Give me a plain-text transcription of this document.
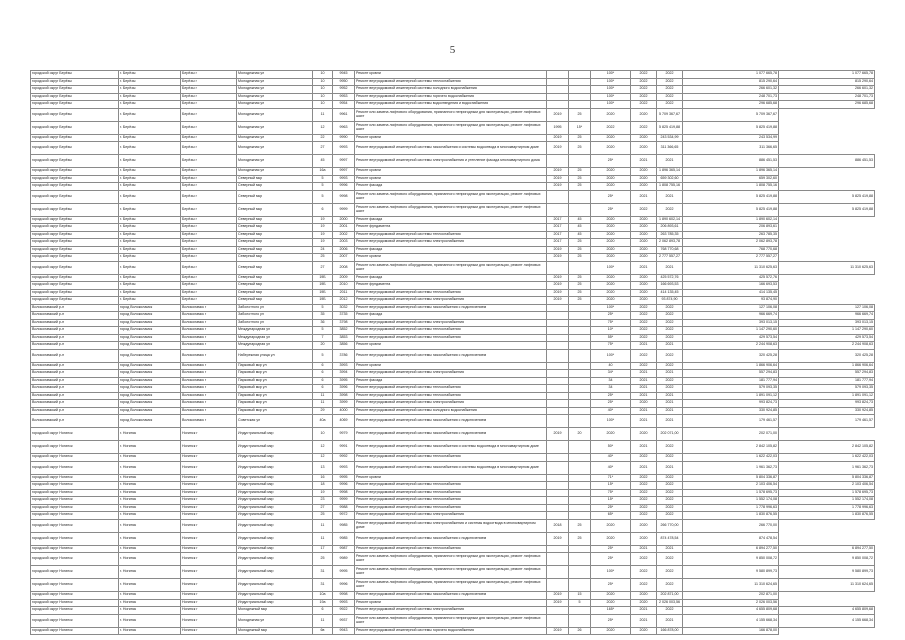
5
городской округ Берёзы	г. Берёзы	Берёзы г	Молодежная ул	10	9945	Ремонт кровли			100*	2022	2022	1 077 665,78	1 077 665,78
городской округ Берёзы	г. Берёзы	Берёзы г	Молодежная ул	10	9950	Ремонт внутридомовой инженерной системы теплоснабжения			100*	2022	2022	815 290,64	815 290,64
городской округ Берёзы	г. Берёзы	Берёзы г	Молодежная ул	10	9952	Ремонт внутридомовой инженерной системы холодного водоснабжения			100*	2022	2022	266 601,32	266 601,32
городской округ Берёзы	г. Берёзы	Берёзы г	Молодежная ул	10	9953	Ремонт внутридомовой инженерной системы горячего водоснабжения			100*	2022	2022	248 701,73	248 701,73
городской округ Берёзы	г. Берёзы	Берёзы г	Молодежная ул	10	9954	Ремонт внутридомовой инженерной системы водоотведения и водоснабжения			100*	2022	2022	296 685,68	296 685,68
городской округ Берёзы	г. Берёзы	Берёзы г	Молодежная ул	11	9961	Ремонт или замена лифтового оборудования, признанного непригодным для эксплуатации, ремонт лифтовых шахт	2019	25	2020	2020	5 709 367,67	5 709 367,67	
городской округ Берёзы	г. Берёзы	Берёзы г	Молодежная ул	12	9963	Ремонт или замена лифтового оборудования, признанного непригодным для эксплуатации, ремонт лифтовых шахт	1995	15*	2022	2022	5 825 419,88	5 825 419,88	
городской округ Берёзы	г. Берёзы	Берёзы г	Молодежная ул	22	9990	Ремонт кровли	2019	25	2020	2020	243 534,99	243 534,99	
городской округ Берёзы	г. Берёзы	Берёзы г	Молодежная ул	27	9993	Ремонт внутридомовой инженерной системы газоснабжения и системы водоотвода в многоквартирном доме	2019	25	2020	2020	311 366,65	311 366,65	
городской округ Берёзы	г. Берёзы	Берёзы г	Молодежная ул	45	9997	Ремонт внутридомовой инженерной системы электроснабжения и утепление фасада многоквартирного дома			25*	2021	2021	886 451,53	886 451,53
городской округ Берёзы	г. Берёзы	Берёзы г	Молодежная ул	16а	9997	Ремонт кровли	2019	25	2020	2020	1 896 365,14	1 896 365,14	
городской округ Берёзы	г. Берёзы	Берёзы г	Северный мкр	5	9993	Ремонт кровли	2019	25	2020	2020	659 302,60	659 302,60	
городской округ Берёзы	г. Берёзы	Берёзы г	Северный мкр	5	9996	Ремонт фасада	2019	25	2020	2020	1 808 755,16	1 808 755,16	
городской округ Берёзы	г. Берёзы	Берёзы г	Северный мкр	5	9998	Ремонт или замена лифтового оборудования, признанного непригодным для эксплуатации, ремонт лифтовых шахт			25*	2021	2021	5 825 419,88	5 825 419,88
городской округ Берёзы	г. Берёзы	Берёзы г	Северный мкр	6	9999	Ремонт или замена лифтового оборудования, признанного непригодным для эксплуатации, ремонт лифтовых шахт			25*	2022	2022	5 825 419,88	5 825 419,88
городской округ Берёзы	г. Берёзы	Берёзы г	Северный мкр	19	2000	Ремонт фасада	2017	45	2020	2020	1 890 602,14	1 890 602,14	
городской округ Берёзы	г. Берёзы	Берёзы г	Северный мкр	19	2001	Ремонт фундамента	2017	45	2020	2020	206 893,61	206 893,61	
городской округ Берёзы	г. Берёзы	Берёзы г	Северный мкр	19	2002	Ремонт внутридомовой инженерной системы теплоснабжения	2017	45	2020	2020	263 785,35	263 785,35	
городской округ Берёзы	г. Берёзы	Берёзы г	Северный мкр	19	2003	Ремонт внутридомовой инженерной системы электроснабжения	2017	25	2020	2020	2 062 893,78	2 062 893,78	
городской округ Берёзы	г. Берёзы	Берёзы г	Северный мкр	24	2006	Ремонт фасада	2019	25	2020	2020	768 770,68	768 770,68	
городской округ Берёзы	г. Берёзы	Берёзы г	Северный мкр	25	2007	Ремонт кровли	2019	25	2020	2020	2 777 557,27	2 777 557,27	
городской округ Берёзы	г. Берёзы	Берёзы г	Северный мкр	27	2008	Ремонт или замена лифтового оборудования, признанного непригодным для эксплуатации, ремонт лифтовых шахт			100*	2021	2021	11 310 625,63	11 310 625,63
городской округ Берёзы	г. Берёзы	Берёзы г	Северный мкр	19Б	2009	Ремонт фасада	2019	25	2020	2020	425 572,76	425 572,76	
городской округ Берёзы	г. Берёзы	Берёзы г	Северный мкр	19Б	2010	Ремонт фундамента	2019	25	2020	2020	166 693,53	166 693,53	
городской округ Берёзы	г. Берёзы	Берёзы г	Северный мкр	19Б	2011	Ремонт внутридомовой инженерной системы теплоснабжения	2019	25	2020	2020	414 135,45	414 135,45	
городской округ Берёзы	г. Берёзы	Берёзы г	Северный мкр	19Б	2012	Ремонт внутридомовой инженерной системы электроснабжения	2019	25	2020	2020	93 874,90	93 874,90	
Волоколамский р-н	город Волоколамск	Волоколамск г	Заболотного ул	5	3032	Ремонт внутридомовой инженерной системы газоснабжения с подключением			100*	2022	2022	127 106,08	127 106,08
Волоколамский р-н	город Волоколамск	Волоколамск г	Заболотного ул	35	3735	Ремонт фасада			25*	2022	2022	966 669,74	966 669,74
Волоколамский р-н	город Волоколамск	Волоколамск г	Заболотного ул	36	3798	Ремонт внутридомовой инженерной системы электроснабжения			75*	2022	2022	393 013,15	393 013,15
Волоколамский р-н	город Волоколамск	Волоколамск г	Международная ул	5	3852	Ремонт внутридомовой инженерной системы теплоснабжения			10*	2022	2022	1 147 290,60	1 147 290,60
Волоколамский р-н	город Волоколамск	Волоколамск г	Международная ул	7	3853	Ремонт внутридомовой инженерной системы теплоснабжения			55*	2022	2022	429 573,54	429 573,54
Волоколамский р-н	город Волоколамск	Волоколамск г	Международная ул	20	3856	Ремонт кровли			75*	2021	2021	2 244 908,63	2 244 908,63
Волоколамский р-н	город Волоколамск	Волоколамск г	Набережная улица ул	5	3786	Ремонт внутридомовой инженерной системы газоснабжения с подключением			100*	2022	2022	320 425,28	320 425,28
Волоколамский р-н	город Волоколамск	Волоколамск г	Парковый мкр ул	6	3993	Ремонт кровли			40	2022	2022	1 866 906,64	1 866 906,64
Волоколамский р-н	город Волоколамск	Волоколамск г	Парковый мкр ул	6	3994	Ремонт внутридомовой инженерной системы электроснабжения			34*	2021	2021	557 294,83	557 294,83
Волоколамский р-н	город Волоколамск	Волоколамск г	Парковый мкр ул	6	3995	Ремонт фасада			34	2021	2022	181 777,94	181 777,94
Волоколамский р-н	город Волоколамск	Волоколамск г	Парковый мкр ул	6	3996	Ремонт внутридомовой инженерной системы теплоснабжения			34	2021	2022	579 093,35	579 093,35
Волоколамский р-н	город Волоколамск	Волоколамск г	Парковый мкр ул	11	3998	Ремонт внутридомовой инженерной системы теплоснабжения			25*	2021	2021	1 891 091,12	1 891 091,12
Волоколамский р-н	город Волоколамск	Волоколамск г	Парковый мкр ул	11	3999	Ремонт внутридомовой инженерной системы электроснабжения			25*	2020	2021	993 824,73	993 824,73
Волоколамский р-н	город Волоколамск	Волоколамск г	Парковый мкр ул	29	4000	Ремонт внутридомовой инженерной системы холодного водоснабжения			40*	2021	2021	330 924,85	330 924,85
Волоколамский р-н	город Волоколамск	Волоколамск г	Советская ул	40а	4069	Ремонт внутридомовой инженерной системы газоснабжения с подключением			100*	2021	2021	179 461,57	179 461,57
городской округ Ногинск	г. Ногинск	Ногинск г	Индустриальный мкр	10	9979	Ремонт внутридомовой инженерной системы газоснабжения с подключением	2019	20	2020	2020	202 071,00	202 071,00	
городской округ Ногинск	г. Ногинск	Ногинск г	Индустриальный мкр	12	9991	Ремонт внутридомовой инженерной системы газоснабжения и системы водоотвода в многоквартирном доме			50*	2021	2022	2 842 105,82	2 842 105,82
городской округ Ногинск	г. Ногинск	Ногинск г	Индустриальный мкр	12	9992	Ремонт внутридомовой инженерной системы теплоснабжения			40*	2022	2022	1 622 422,03	1 622 422,03
городской округ Ногинск	г. Ногинск	Ногинск г	Индустриальный мкр	13	9993	Ремонт внутридомовой инженерной системы газоснабжения и системы водоотвода в многоквартирном доме			40*	2021	2021	1 961 362,73	1 961 362,73
городской округ Ногинск	г. Ногинск	Ногинск г	Индустриальный мкр	16	9995	Ремонт кровли			71*	2022	2022	5 804 336,87	5 804 336,87
городской округ Ногинск	г. Ногинск	Ногинск г	Индустриальный мкр	18	9996	Ремонт внутридомовой инженерной системы теплоснабжения			15*	2022	2022	2 103 406,54	2 103 406,54
городской округ Ногинск	г. Ногинск	Ногинск г	Индустриальный мкр	19	9998	Ремонт внутридомовой инженерной системы теплоснабжения			75*	2022	2022	1 578 695,73	1 578 695,73
городской округ Ногинск	г. Ногинск	Ногинск г	Индустриальный мкр	23	9999	Ремонт внутридомовой инженерной системы теплоснабжения			15*	2022	2022	1 552 174,08	1 552 174,08
городской округ Ногинск	г. Ногинск	Ногинск г	Индустриальный мкр	27	9988	Ремонт внутридомовой инженерной системы теплоснабжения			25*	2022	2022	1 778 996,63	1 778 996,63
городской округ Ногинск	г. Ногинск	Ногинск г	Индустриальный мкр	25	9972	Ремонт внутридомовой инженерной системы электроснабжения			65*	2022	2022	1 830 876,55	1 830 876,55
городской округ Ногинск	г. Ногинск	Ногинск г	Индустриальный мкр	11	9985	Ремонт внутридомовой инженерной системы электроснабжения и системы водоотвода в многоквартирном доме	2018	25	2020	2020	266 770,00	266 770,00	
городской округ Ногинск	г. Ногинск	Ногинск г	Индустриальный мкр	11	9985	Ремонт внутридомовой инженерной системы газоснабжения с подключением	2019	25	2020	2020	874 478,54	874 478,54	
городской округ Ногинск	г. Ногинск	Ногинск г	Индустриальный мкр	17	9987	Ремонт внутридомовой инженерной системы теплоснабжения			25*	2021	2021	6 894 277,50	6 894 277,50
городской округ Ногинск	г. Ногинск	Ногинск г	Индустриальный мкр	25	9989	Ремонт или замена лифтового оборудования, признанного непригодным для эксплуатации, ремонт лифтовых шахт			25*	2022	2022	9 850 008,72	9 850 008,72
городской округ Ногинск	г. Ногинск	Ногинск г	Индустриальный мкр	31	9995	Ремонт или замена лифтового оборудования, признанного непригодным для эксплуатации, ремонт лифтовых шахт			100*	2022	2022	9 580 899,73	9 580 899,73
городской округ Ногинск	г. Ногинск	Ногинск г	Индустриальный мкр	31	9996	Ремонт или замена лифтового оборудования, признанного непригодным для эксплуатации, ремонт лифтовых шахт			25*	2022	2022	11 310 624,65	11 310 624,65
городской округ Ногинск	г. Ногинск	Ногинск г	Индустриальный мкр	10а	9998	Ремонт внутридомовой инженерной системы газоснабжения с подключением	2019	15	2020	2020	202 871,00	202 871,00	
городской округ Ногинск	г. Ногинск	Ногинск г	Индустриальный мкр	19а	9993	Ремонт кровли	2019	5	2020	2020	2 026 003,56	2 026 003,56	
городской округ Ногинск	г. Ногинск	Ногинск г	Молодежный мкр	6	9922	Ремонт внутридомовой инженерной системы электроснабжения			165*	2021	2022	4 655 809,68	4 655 809,68
городской округ Ногинск	г. Ногинск	Ногинск г	Молодежная ул	11	9937	Ремонт или замена лифтового оборудования, признанного непригодным для эксплуатации, ремонт лифтовых шахт			25*	2021	2021	4 155 668,34	4 155 668,34
городской округ Ногинск	г. Ногинск	Ногинск г	Молодежный мкр	6в	9943	Ремонт внутридомовой инженерной системы горячего водоснабжения	2019	26	2020	2020	166 878,00	166 878,00	
